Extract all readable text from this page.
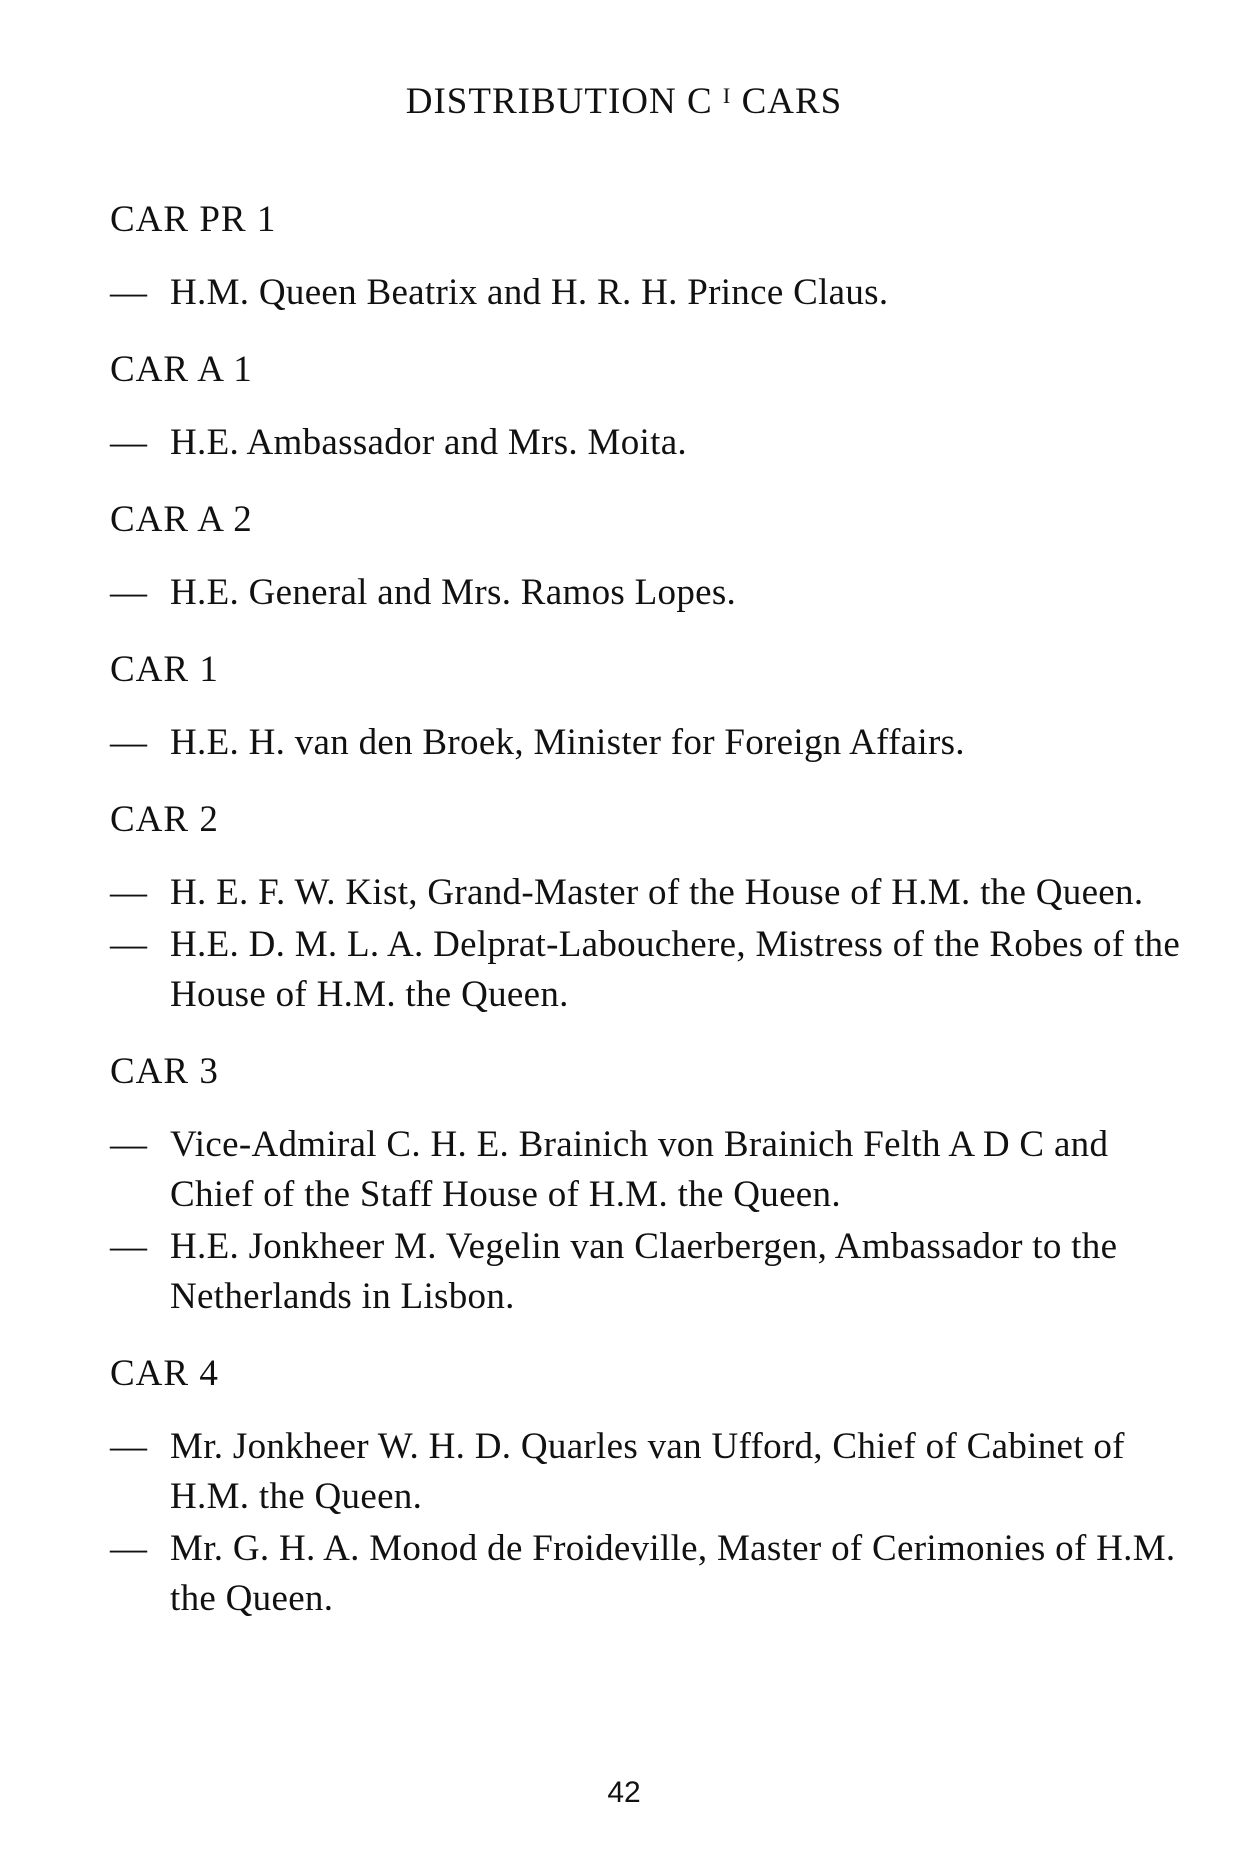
DISTRIBUTION C ᴵ CARS
CAR PR 1
— H.M. Queen Beatrix and H. R. H. Prince Claus.
CAR A 1
— H.E. Ambassador and Mrs. Moita.
CAR A 2
— H.E. General and Mrs. Ramos Lopes.
CAR 1
— H.E. H. van den Broek, Minister for Foreign Affairs.
CAR 2
— H. E. F. W. Kist, Grand-Master of the House of H.M. the Queen.
— H.E. D. M. L. A. Delprat-Labouchere, Mistress of the Robes of the House of H.M. the Queen.
CAR 3
— Vice-Admiral C. H. E. Brainich von Brainich Felth A D C and Chief of the Staff House of H.M. the Queen.
— H.E. Jonkheer M. Vegelin van Claerbergen, Ambassador to the Netherlands in Lisbon.
CAR 4
— Mr. Jonkheer W. H. D. Quarles van Ufford, Chief of Cabinet of H.M. the Queen.
— Mr. G. H. A. Monod de Froideville, Master of Cerimonies of H.M. the Queen.
42
